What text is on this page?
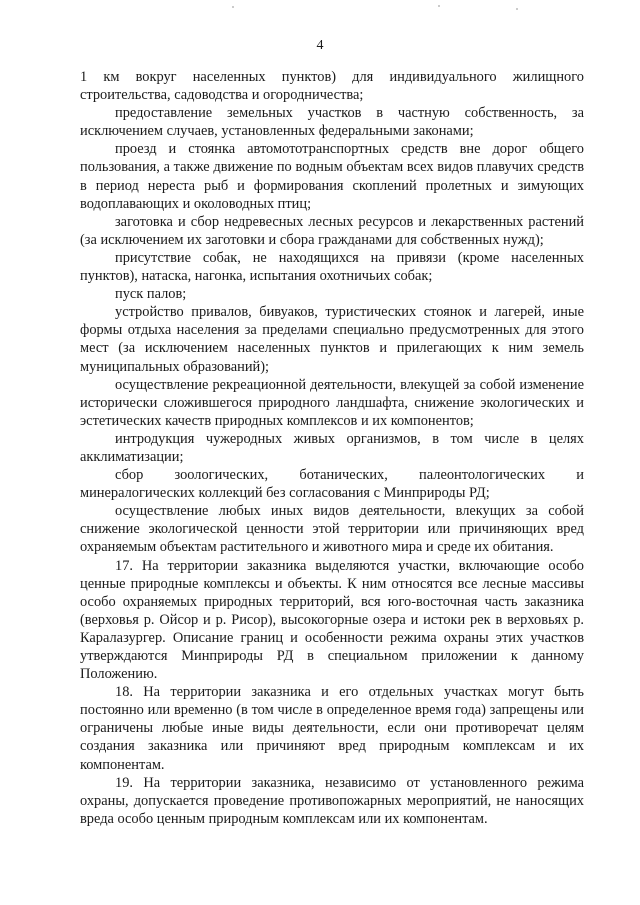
4

1 км вокруг населенных пунктов) для индивидуального жилищного строительства, садоводства и огородничества;

предоставление земельных участков в частную собственность, за исключением случаев, установленных федеральными законами;

проезд и стоянка автомототранспортных средств вне дорог общего пользования, а также движение по водным объектам всех видов плавучих средств в период нереста рыб и формирования скоплений пролетных и зимующих водоплавающих и околоводных птиц;

заготовка и сбор недревесных лесных ресурсов и лекарственных растений (за исключением их заготовки и сбора гражданами для собственных нужд);

присутствие собак, не находящихся на привязи (кроме населенных пунктов), натаска, нагонка, испытания охотничьих собак;

пуск палов;

устройство привалов, бивуаков, туристических стоянок и лагерей, иные формы отдыха населения за пределами специально предусмотренных для этого мест (за исключением населенных пунктов и прилегающих к ним земель муниципальных образований);

осуществление рекреационной деятельности, влекущей за собой изменение исторически сложившегося природного ландшафта, снижение экологических и эстетических качеств природных комплексов и их компонентов;

интродукция чужеродных живых организмов, в том числе в целях акклиматизации;

сбор зоологических, ботанических, палеонтологических и минералогических коллекций без согласования с Минприроды РД;

осуществление любых иных видов деятельности, влекущих за собой снижение экологической ценности этой территории или причиняющих вред охраняемым объектам растительного и животного мира и среде их обитания.

17. На территории заказника выделяются участки, включающие особо ценные природные комплексы и объекты. К ним относятся все лесные массивы особо охраняемых природных территорий, вся юго-восточная часть заказника (верховья р. Ойсор и р. Рисор), высокогорные озера и истоки рек в верховьях р. Каралазургер. Описание границ и особенности режима охраны этих участков утверждаются Минприроды РД в специальном приложении к данному Положению.

18. На территории заказника и его отдельных участках могут быть постоянно или временно (в том числе в определенное время года) запрещены или ограничены любые иные виды деятельности, если они противоречат целям создания заказника или причиняют вред природным комплексам и их компонентам.

19. На территории заказника, независимо от установленного режима охраны, допускается проведение противопожарных мероприятий, не наносящих вреда особо ценным природным комплексам или их компонентам.
